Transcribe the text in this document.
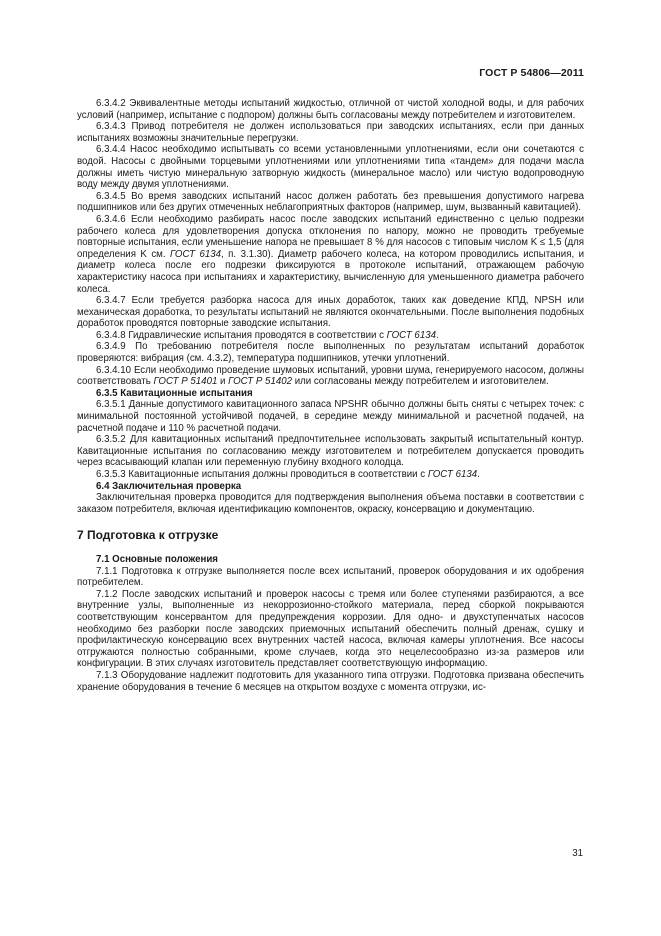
ГОСТ Р 54806—2011

6.3.4.2 Эквивалентные методы испытаний жидкостью, отличной от чистой холодной воды, и для рабочих условий (например, испытание с подпором) должны быть согласованы между потребителем и изготовителем.

6.3.4.3 Привод потребителя не должен использоваться при заводских испытаниях, если при данных испытаниях возможны значительные перегрузки.

6.3.4.4 Насос необходимо испытывать со всеми установленными уплотнениями, если они сочетаются с водой. Насосы с двойными торцевыми уплотнениями или уплотнениями типа «тандем» для подачи масла должны иметь чистую минеральную затворную жидкость (минеральное масло) или чистую водопроводную воду между двумя уплотнениями.

6.3.4.5 Во время заводских испытаний насос должен работать без превышения допустимого нагрева подшипников или без других отмеченных неблагоприятных факторов (например, шум, вызванный кавитацией).

6.3.4.6 Если необходимо разбирать насос после заводских испытаний единственно с целью подрезки рабочего колеса для удовлетворения допуска отклонения по напору, можно не проводить требуемые повторные испытания, если уменьшение напора не превышает 8 % для насосов с типовым числом K ≤ 1,5 (для определения K см. ГОСТ 6134, п. 3.1.30). Диаметр рабочего колеса, на котором проводились испытания, и диаметр колеса после его подрезки фиксируются в протоколе испытаний, отражающем рабочую характеристику насоса при испытаниях и характеристику, вычисленную для уменьшенного диаметра рабочего колеса.

6.3.4.7 Если требуется разборка насоса для иных доработок, таких как доведение КПД, NPSH или механическая доработка, то результаты испытаний не являются окончательными. После выполнения подобных доработок проводятся повторные заводские испытания.

6.3.4.8 Гидравлические испытания проводятся в соответствии с ГОСТ 6134.

6.3.4.9 По требованию потребителя после выполненных по результатам испытаний доработок проверяются: вибрация (см. 4.3.2), температура подшипников, утечки уплотнений.

6.3.4.10 Если необходимо проведение шумовых испытаний, уровни шума, генерируемого насосом, должны соответствовать ГОСТ Р 51401 и ГОСТ Р 51402 или согласованы между потребителем и изготовителем.

6.3.5 Кавитационные испытания

6.3.5.1 Данные допустимого кавитационного запаса NPSHR обычно должны быть сняты с четырех точек: с минимальной постоянной устойчивой подачей, в середине между минимальной и расчетной подачей, на расчетной подаче и 110 % расчетной подачи.

6.3.5.2 Для кавитационных испытаний предпочтительнее использовать закрытый испытательный контур. Кавитационные испытания по согласованию между изготовителем и потребителем допускается проводить через всасывающий клапан или переменную глубину входного колодца.

6.3.5.3 Кавитационные испытания должны проводиться в соответствии с ГОСТ 6134.

6.4 Заключительная проверка

Заключительная проверка проводится для подтверждения выполнения объема поставки в соответствии с заказом потребителя, включая идентификацию компонентов, окраску, консервацию и документацию.

7 Подготовка к отгрузке

7.1 Основные положения

7.1.1 Подготовка к отгрузке выполняется после всех испытаний, проверок оборудования и их одобрения потребителем.

7.1.2 После заводских испытаний и проверок насосы с тремя или более ступенями разбираются, а все внутренние узлы, выполненные из некоррозионно-стойкого материала, перед сборкой покрываются соответствующим консервантом для предупреждения коррозии. Для одно- и двухступенчатых насосов необходимо без разборки после заводских приемочных испытаний обеспечить полный дренаж, сушку и профилактическую консервацию всех внутренних частей насоса, включая камеры уплотнения. Все насосы отгружаются полностью собранными, кроме случаев, когда это нецелесообразно из-за размеров или конфигурации. В этих случаях изготовитель представляет соответствующую информацию.

7.1.3 Оборудование надлежит подготовить для указанного типа отгрузки. Подготовка призвана обеспечить хранение оборудования в течение 6 месяцев на открытом воздухе с момента отгрузки, ис-

31
